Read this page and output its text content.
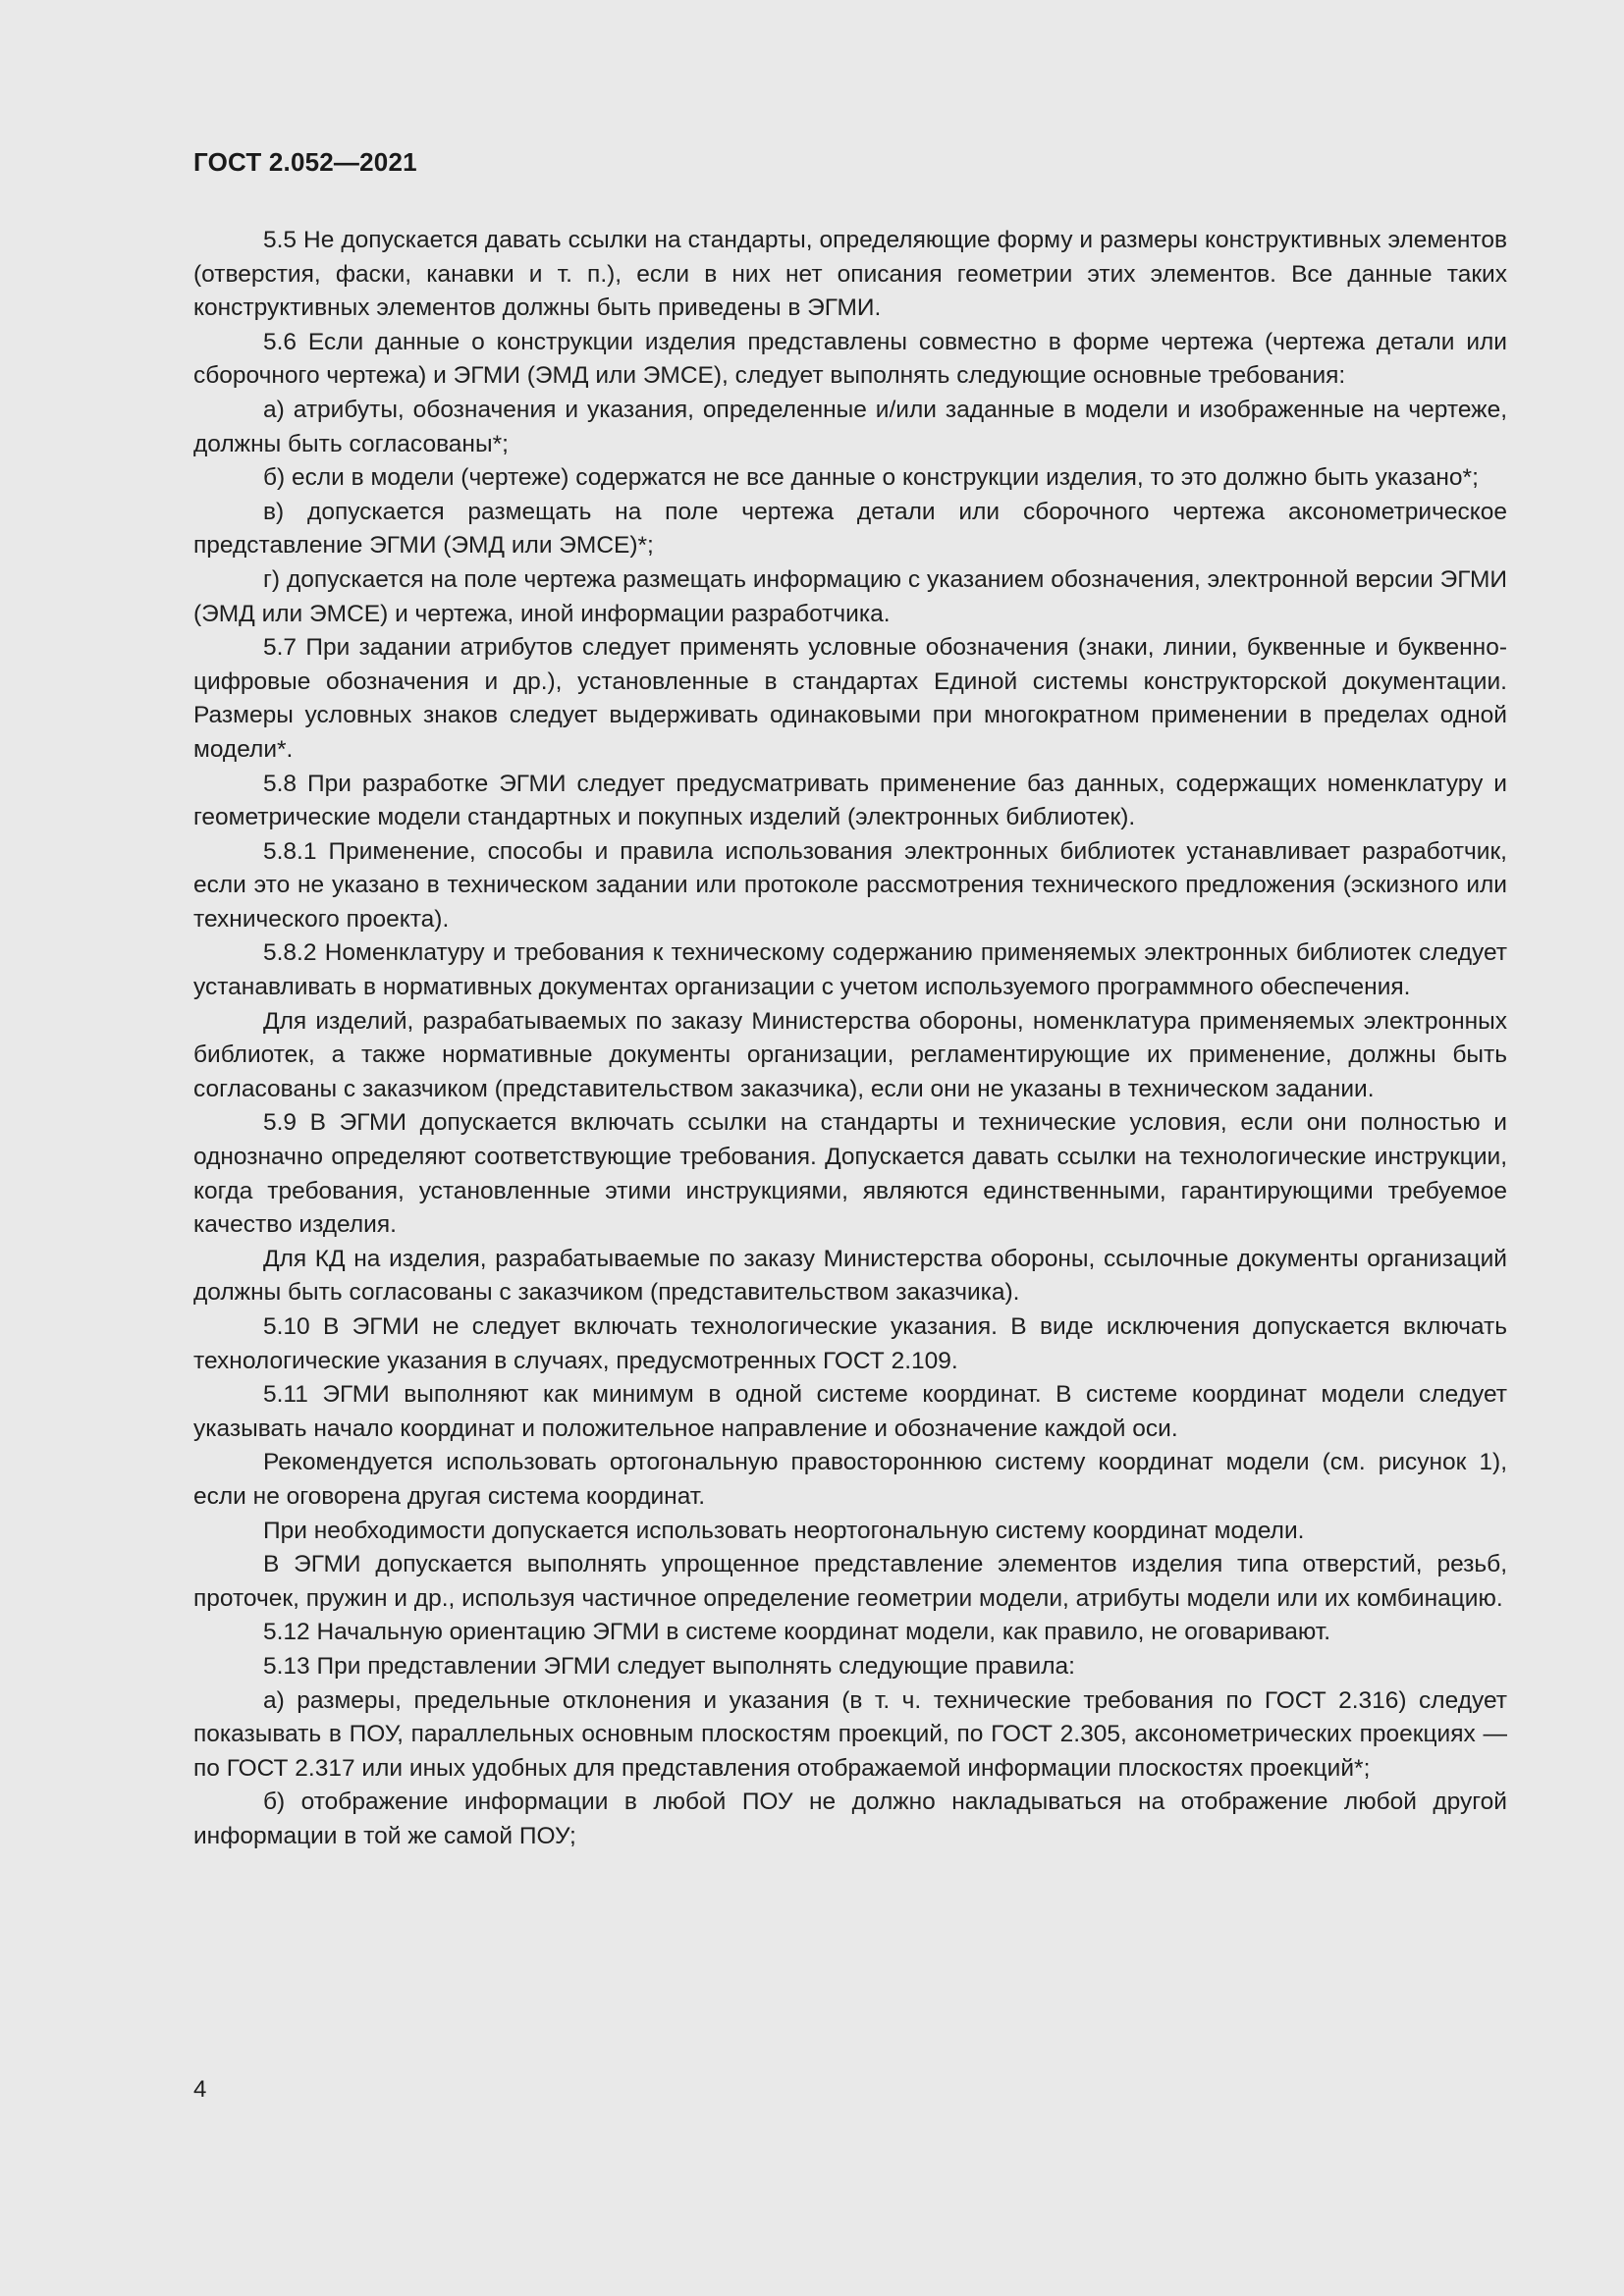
ГОСТ 2.052—2021

5.5 Не допускается давать ссылки на стандарты, определяющие форму и размеры конструктивных элементов (отверстия, фаски, канавки и т. п.), если в них нет описания геометрии этих элементов. Все данные таких конструктивных элементов должны быть приведены в ЭГМИ.

5.6 Если данные о конструкции изделия представлены совместно в форме чертежа (чертежа детали или сборочного чертежа) и ЭГМИ (ЭМД или ЭМСЕ), следует выполнять следующие основные требования:

а) атрибуты, обозначения и указания, определенные и/или заданные в модели и изображенные на чертеже, должны быть согласованы*;

б) если в модели (чертеже) содержатся не все данные о конструкции изделия, то это должно быть указано*;

в) допускается размещать на поле чертежа детали или сборочного чертежа аксонометрическое представление ЭГМИ (ЭМД или ЭМСЕ)*;

г) допускается на поле чертежа размещать информацию с указанием обозначения, электронной версии ЭГМИ (ЭМД или ЭМСЕ) и чертежа, иной информации разработчика.

5.7 При задании атрибутов следует применять условные обозначения (знаки, линии, буквенные и буквенно-цифровые обозначения и др.), установленные в стандартах Единой системы конструкторской документации. Размеры условных знаков следует выдерживать одинаковыми при многократном применении в пределах одной модели*.

5.8 При разработке ЭГМИ следует предусматривать применение баз данных, содержащих номенклатуру и геометрические модели стандартных и покупных изделий (электронных библиотек).

5.8.1 Применение, способы и правила использования электронных библиотек устанавливает разработчик, если это не указано в техническом задании или протоколе рассмотрения технического предложения (эскизного или технического проекта).

5.8.2 Номенклатуру и требования к техническому содержанию применяемых электронных библиотек следует устанавливать в нормативных документах организации с учетом используемого программного обеспечения.

Для изделий, разрабатываемых по заказу Министерства обороны, номенклатура применяемых электронных библиотек, а также нормативные документы организации, регламентирующие их применение, должны быть согласованы с заказчиком (представительством заказчика), если они не указаны в техническом задании.

5.9 В ЭГМИ допускается включать ссылки на стандарты и технические условия, если они полностью и однозначно определяют соответствующие требования. Допускается давать ссылки на технологические инструкции, когда требования, установленные этими инструкциями, являются единственными, гарантирующими требуемое качество изделия.

Для КД на изделия, разрабатываемые по заказу Министерства обороны, ссылочные документы организаций должны быть согласованы с заказчиком (представительством заказчика).

5.10 В ЭГМИ не следует включать технологические указания. В виде исключения допускается включать технологические указания в случаях, предусмотренных ГОСТ 2.109.

5.11 ЭГМИ выполняют как минимум в одной системе координат. В системе координат модели следует указывать начало координат и положительное направление и обозначение каждой оси.

Рекомендуется использовать ортогональную правостороннюю систему координат модели (см. рисунок 1), если не оговорена другая система координат.

При необходимости допускается использовать неортогональную систему координат модели.

В ЭГМИ допускается выполнять упрощенное представление элементов изделия типа отверстий, резьб, проточек, пружин и др., используя частичное определение геометрии модели, атрибуты модели или их комбинацию.

5.12 Начальную ориентацию ЭГМИ в системе координат модели, как правило, не оговаривают.

5.13 При представлении ЭГМИ следует выполнять следующие правила:

а) размеры, предельные отклонения и указания (в т. ч. технические требования по ГОСТ 2.316) следует показывать в ПОУ, параллельных основным плоскостям проекций, по ГОСТ 2.305, аксонометрических проекциях — по ГОСТ 2.317 или иных удобных для представления отображаемой информации плоскостях проекций*;

б) отображение информации в любой ПОУ не должно накладываться на отображение любой другой информации в той же самой ПОУ;

4
